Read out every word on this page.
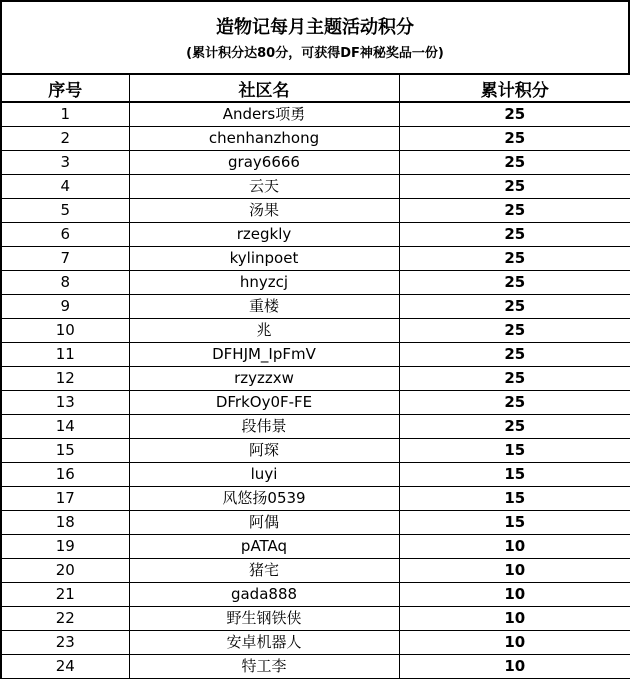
造物记每月主题活动积分
(累计积分达80分，可获得DF神秘奖品一份)
序号	社区名	累计积分
1	Anders项勇	25
2	chenhanzhong	25
3	gray6666	25
4	云天	25
5	汤果	25
6	rzegkly	25
7	kylinpoet	25
8	hnyzcj	25
9	重楼	25
10	兆	25
11	DFHJM_IpFmV	25
12	rzyzzxw	25
13	DFrkOy0F-FE	25
14	段伟景	25
15	阿琛	15
16	luyi	15
17	风悠扬0539	15
18	阿偶	15
19	pATAq	10
20	猪宅	10
21	gada888	10
22	野生钢铁侠	10
23	安卓机器人	10
24	特工李	10
